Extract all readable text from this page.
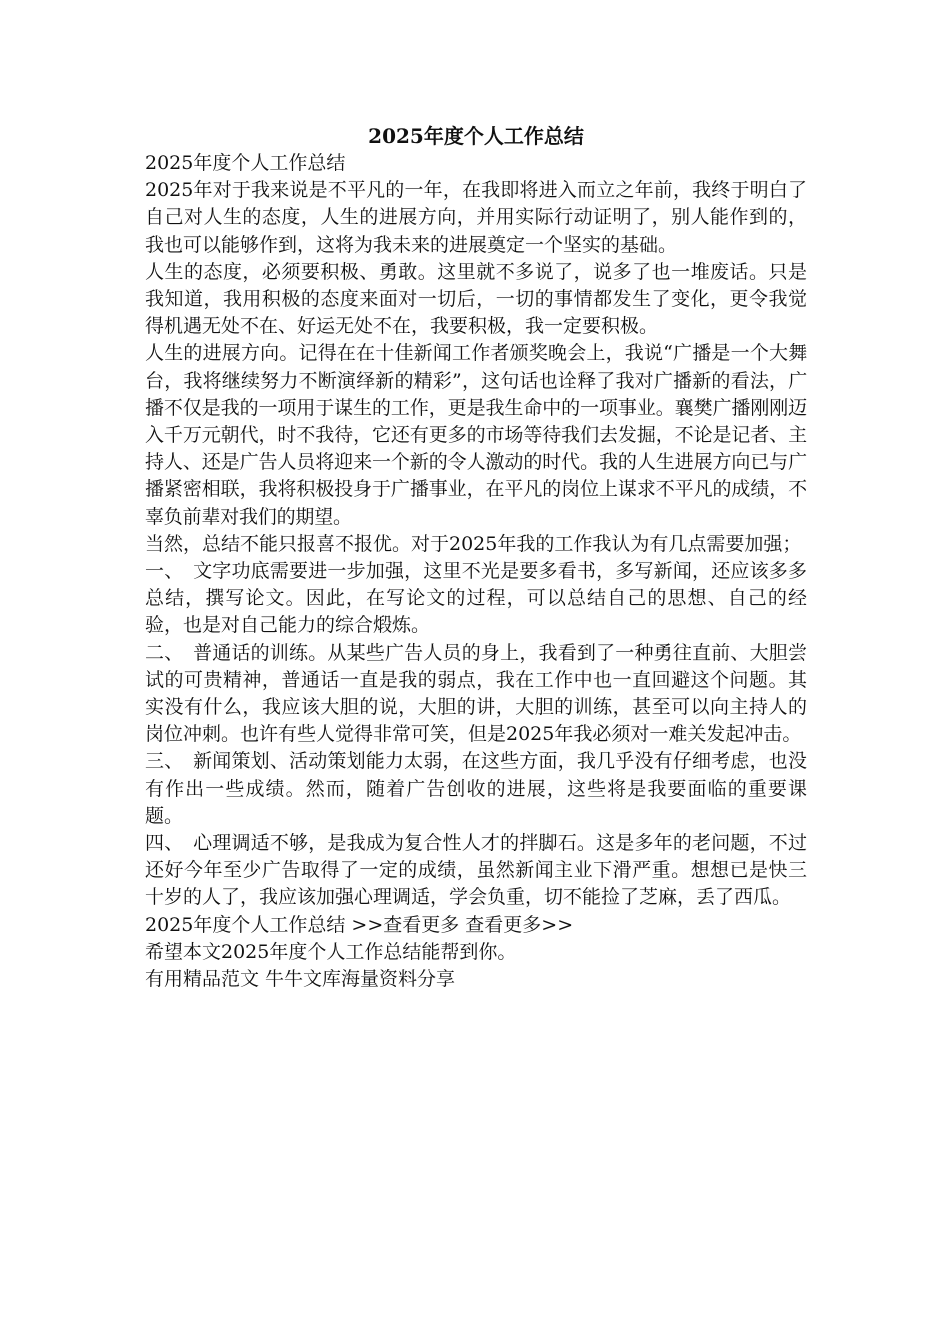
2025年度个人工作总结

2025年度个人工作总结

2025年对于我来说是不平凡的一年，在我即将进入而立之年前，我终于明白了自己对人生的态度，人生的进展方向，并用实际行动证明了，别人能作到的，我也可以能够作到，这将为我未来的进展奠定一个坚实的基础。

人生的态度，必须要积极、勇敢。这里就不多说了，说多了也一堆废话。只是我知道，我用积极的态度来面对一切后，一切的事情都发生了变化，更令我觉得机遇无处不在、好运无处不在，我要积极，我一定要积极。

人生的进展方向。记得在在十佳新闻工作者颁奖晚会上，我说“广播是一个大舞台，我将继续努力不断演绎新的精彩”，这句话也诠释了我对广播新的看法，广播不仅是我的一项用于谋生的工作，更是我生命中的一项事业。襄樊广播刚刚迈入千万元朝代，时不我待，它还有更多的市场等待我们去发掘，不论是记者、主持人、还是广告人员将迎来一个新的令人激动的时代。我的人生进展方向已与广播紧密相联，我将积极投身于广播事业，在平凡的岗位上谋求不平凡的成绩，不辜负前辈对我们的期望。

当然，总结不能只报喜不报优。对于2025年我的工作我认为有几点需要加强；

一、　文字功底需要进一步加强，这里不光是要多看书，多写新闻，还应该多多总结，撰写论文。因此，在写论文的过程，可以总结自己的思想、自己的经验，也是对自己能力的综合煅炼。

二、　普通话的训练。从某些广告人员的身上，我看到了一种勇往直前、大胆尝试的可贵精神，普通话一直是我的弱点，我在工作中也一直回避这个问题。其实没有什么，我应该大胆的说，大胆的讲，大胆的训练，甚至可以向主持人的岗位冲刺。也许有些人觉得非常可笑，但是2025年我必须对一难关发起冲击。

三、　新闻策划、活动策划能力太弱，在这些方面，我几乎没有仔细考虑，也没有作出一些成绩。然而，随着广告创收的进展，这些将是我要面临的重要课题。

四、　心理调适不够，是我成为复合性人才的拌脚石。这是多年的老问题，不过还好今年至少广告取得了一定的成绩，虽然新闻主业下滑严重。想想已是快三十岁的人了，我应该加强心理调适，学会负重，切不能捡了芝麻，丢了西瓜。

2025年度个人工作总结 >>查看更多 查看更多>>

希望本文2025年度个人工作总结能帮到你。

有用精品范文 牛牛文库海量资料分享
